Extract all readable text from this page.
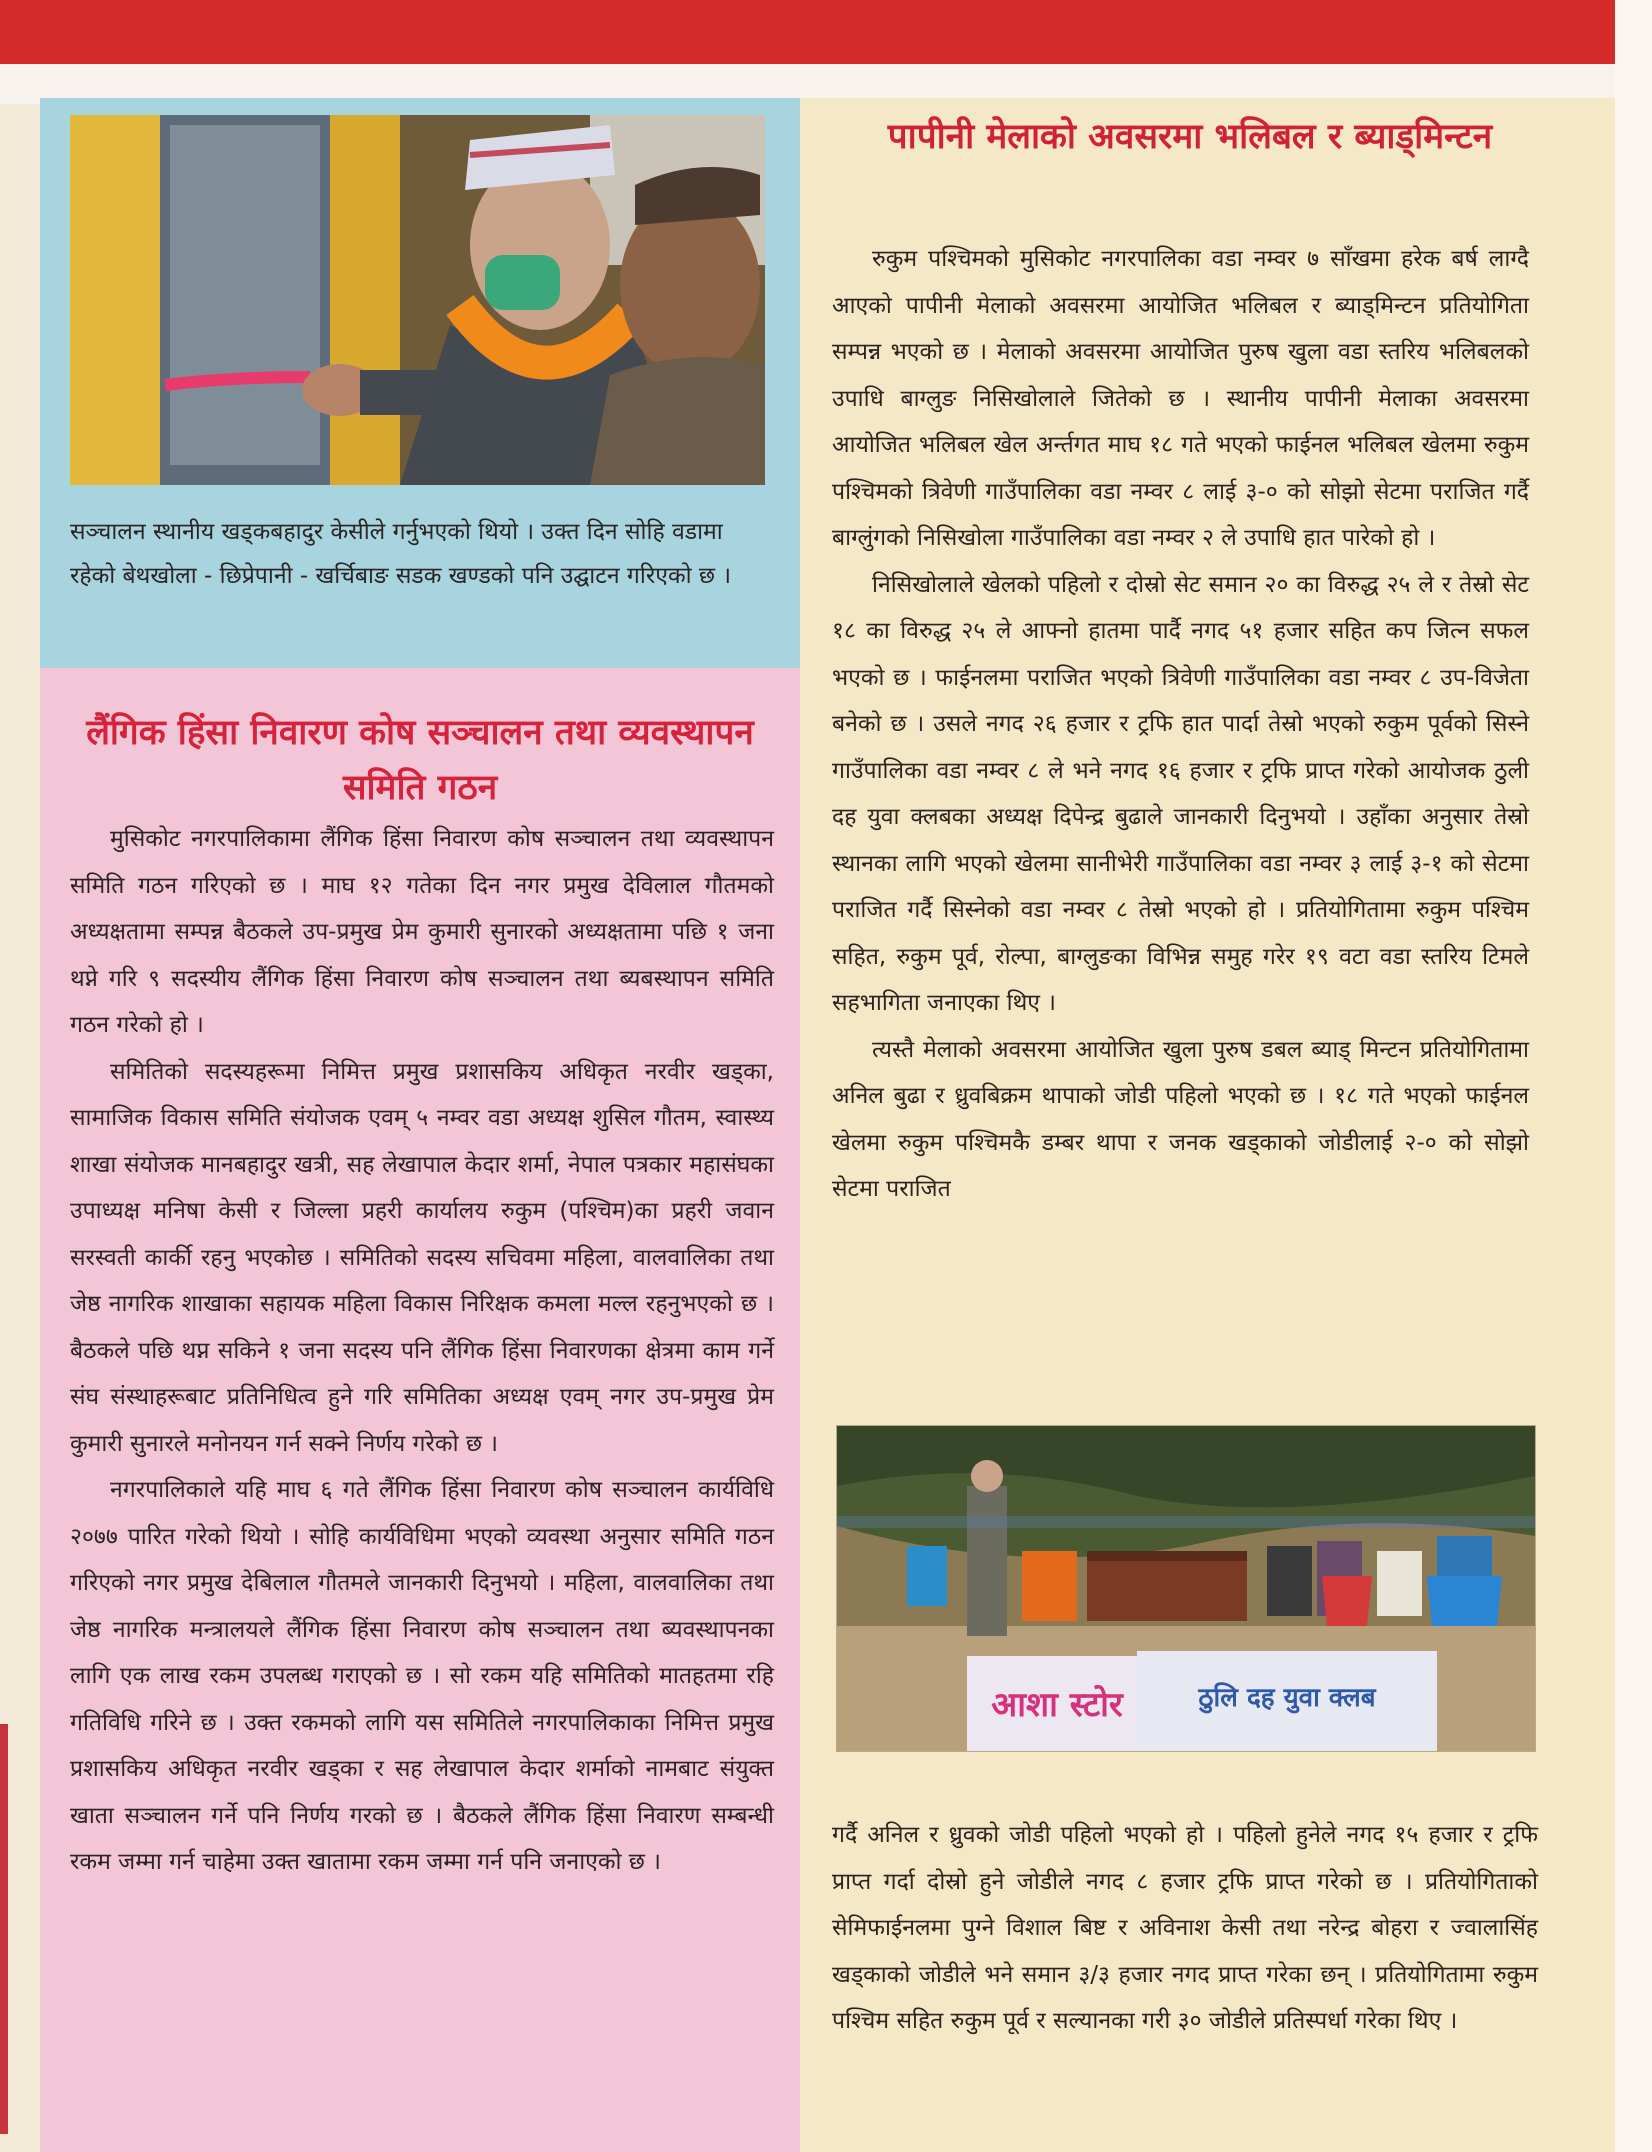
सञ्चालन स्थानीय खड्कबहादुर केसीले गर्नुभएको थियो । उक्त दिन सोहि वडामा रहेको बेथखोला - छिप्रेपानी - खर्चिबाङ सडक खण्डको पनि उद्घाटन गरिएको छ ।

लैंगिक हिंसा निवारण कोष सञ्चालन तथा व्यवस्थापन समिति गठन

मुसिकोट नगरपालिकामा लैंगिक हिंसा निवारण कोष सञ्चालन तथा व्यवस्थापन समिति गठन गरिएको छ । माघ १२ गतेका दिन नगर प्रमुख देविलाल गौतमको अध्यक्षतामा सम्पन्न बैठकले उप-प्रमुख प्रेम कुमारी सुनारको अध्यक्षतामा पछि १ जना थप्ने गरि ९ सदस्यीय लैंगिक हिंसा निवारण कोष सञ्चालन तथा ब्यबस्थापन समिति गठन गरेको हो ।

समितिको सदस्यहरूमा निमित्त प्रमुख प्रशासकिय अधिकृत नरवीर खड्का, सामाजिक विकास समिति संयोजक एवम् ५ नम्वर वडा अध्यक्ष शुसिल गौतम, स्वास्थ्य शाखा संयोजक मानबहादुर खत्री, सह लेखापाल केदार शर्मा, नेपाल पत्रकार महासंघका उपाध्यक्ष मनिषा केसी र जिल्ला प्रहरी कार्यालय रुकुम (पश्चिम)का प्रहरी जवान सरस्वती कार्की रहनु भएकोछ । समितिको सदस्य सचिवमा महिला, वालवालिका तथा जेष्ठ नागरिक शाखाका सहायक महिला विकास निरिक्षक कमला मल्ल रहनुभएको छ । बैठकले पछि थप्न सकिने १ जना सदस्य पनि लैंगिक हिंसा निवारणका क्षेत्रमा काम गर्ने संघ संस्थाहरूबाट प्रतिनिधित्व हुने गरि समितिका अध्यक्ष एवम् नगर उप-प्रमुख प्रेम कुमारी सुनारले मनोनयन गर्न सक्ने निर्णय गरेको छ ।

नगरपालिकाले यहि माघ ६ गते लैंगिक हिंसा निवारण कोष सञ्चालन कार्यविधि २०७७ पारित गरेको थियो । सोहि कार्यविधिमा भएको व्यवस्था अनुसार समिति गठन गरिएको नगर प्रमुख देबिलाल गौतमले जानकारी दिनुभयो । महिला, वालवालिका तथा जेष्ठ नागरिक मन्त्रालयले लैंगिक हिंसा निवारण कोष सञ्चालन तथा ब्यवस्थापनका लागि एक लाख रकम उपलब्ध गराएको छ । सो रकम यहि समितिको मातहतमा रहि गतिविधि गरिने छ । उक्त रकमको लागि यस समितिले नगरपालिकाका निमित्त प्रमुख प्रशासकिय अधिकृत नरवीर खड्का र सह लेखापाल केदार शर्माको नामबाट संयुक्त खाता सञ्चालन गर्ने पनि निर्णय गरको छ । बैठकले लैंगिक हिंसा निवारण सम्बन्धी रकम जम्मा गर्न चाहेमा उक्त खातामा रकम जम्मा गर्न पनि जनाएको छ ।

पापीनी मेलाको अवसरमा भलिबल र ब्याड्मिन्टन

रुकुम पश्चिमको मुसिकोट नगरपालिका वडा नम्वर ७ साँखमा हरेक बर्ष लाग्दै आएको पापीनी मेलाको अवसरमा आयोजित भलिबल र ब्याड्मिन्टन प्रतियोगिता सम्पन्न भएको छ । मेलाको अवसरमा आयोजित पुरुष खुला वडा स्तरिय भलिबलको उपाधि बाग्लुङ निसिखोलाले जितेको छ । स्थानीय पापीनी मेलाका अवसरमा आयोजित भलिबल खेल अर्न्तगत माघ १८ गते भएको फाईनल भलिबल खेलमा रुकुम पश्चिमको त्रिवेणी गाउँपालिका वडा नम्वर ८ लाई ३-० को सोझो सेटमा पराजित गर्दै बाग्लुंगको निसिखोला गाउँपालिका वडा नम्वर २ ले उपाधि हात पारेको हो ।

निसिखोलाले खेलको पहिलो र दोस्रो सेट समान २० का विरुद्ध २५ ले र तेस्रो सेट १८ का विरुद्ध २५ ले आफ्नो हातमा पार्दै नगद ५१ हजार सहित कप जित्न सफल भएको छ । फाईनलमा पराजित भएको त्रिवेणी गाउँपालिका वडा नम्वर ८ उप-विजेता बनेको छ । उसले नगद २६ हजार र ट्रफि हात पार्दा तेस्रो भएको रुकुम पूर्वको सिस्ने गाउँपालिका वडा नम्वर ८ ले भने नगद १६ हजार र ट्रफि प्राप्त गरेको आयोजक ठुली दह युवा क्लबका अध्यक्ष दिपेन्द्र बुढाले जानकारी दिनुभयो । उहाँका अनुसार तेस्रो स्थानका लागि भएको खेलमा सानीभेरी गाउँपालिका वडा नम्वर ३ लाई ३-१ को सेटमा पराजित गर्दै सिस्नेको वडा नम्वर ८ तेस्रो भएको हो । प्रतियोगितामा रुकुम पश्चिम सहित, रुकुम पूर्व, रोल्पा, बाग्लुङका विभिन्न समुह गरेर १९ वटा वडा स्तरिय टिमले सहभागिता जनाएका थिए ।

त्यस्तै मेलाको अवसरमा आयोजित खुला पुरुष डबल ब्याड् मिन्टन प्रतियोगितामा अनिल बुढा र ध्रुवबिक्रम थापाको जोडी पहिलो भएको छ । १८ गते भएको फाईनल खेलमा रुकुम पश्चिमकै डम्बर थापा र जनक खड्काको जोडीलाई २-० को सोझो सेटमा पराजित

आशा स्टोर	ठुलि दह युवा क्लब

गर्दै अनिल र ध्रुवको जोडी पहिलो भएको हो । पहिलो हुनेले नगद १५ हजार र ट्रफि प्राप्त गर्दा दोस्रो हुने जोडीले नगद ८ हजार ट्रफि प्राप्त गरेको छ । प्रतियोगिताको सेमिफाईनलमा पुग्ने विशाल बिष्ट र अविनाश केसी तथा नरेन्द्र बोहरा र ज्वालासिंह खड्काको जोडीले भने समान ३/३ हजार नगद प्राप्त गरेका छन् । प्रतियोगितामा रुकुम पश्चिम सहित रुकुम पूर्व र सल्यानका गरी ३० जोडीले प्रतिस्पर्धा गरेका थिए ।
